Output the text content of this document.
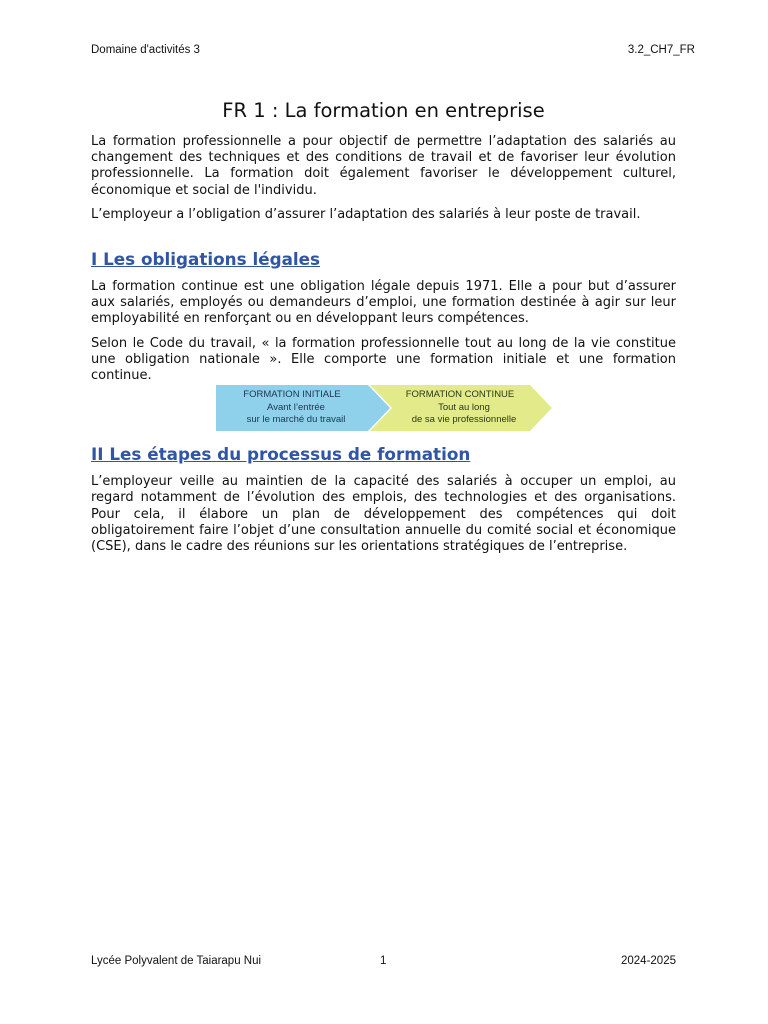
Domaine d'activités 3	3.2_CH7_FR
FR 1 : La formation en entreprise

La formation professionnelle a pour objectif de permettre l’adaptation des salariés au changement des techniques et des conditions de travail et de favoriser leur évolution professionnelle. La formation doit également favoriser le développement culturel, économique et social de l'individu.

L’employeur a l’obligation d’assurer l’adaptation des salariés à leur poste de travail.

I Les obligations légales

La formation continue est une obligation légale depuis 1971. Elle a pour but d’assurer aux salariés, employés ou demandeurs d’emploi, une formation destinée à agir sur leur employabilité en renforçant ou en développant leurs compétences.

Selon le Code du travail, « la formation professionnelle tout au long de la vie constitue une obligation nationale ». Elle comporte une formation initiale et une formation continue.

FORMATION INITIALE
Avant l’entrée
sur le marché du travail
FORMATION CONTINUE
Tout au long
de sa vie professionnelle
II Les étapes du processus de formation

L’employeur veille au maintien de la capacité des salariés à occuper un emploi, au regard notamment de l’évolution des emplois, des technologies et des organisations. Pour cela, il élabore un plan de développement des compétences qui doit obligatoirement faire l’objet d’une consultation annuelle du comité social et économique (CSE), dans le cadre des réunions sur les orientations stratégiques de l’entreprise.

Lycée Polyvalent de Taiarapu Nui	1	2024-2025
